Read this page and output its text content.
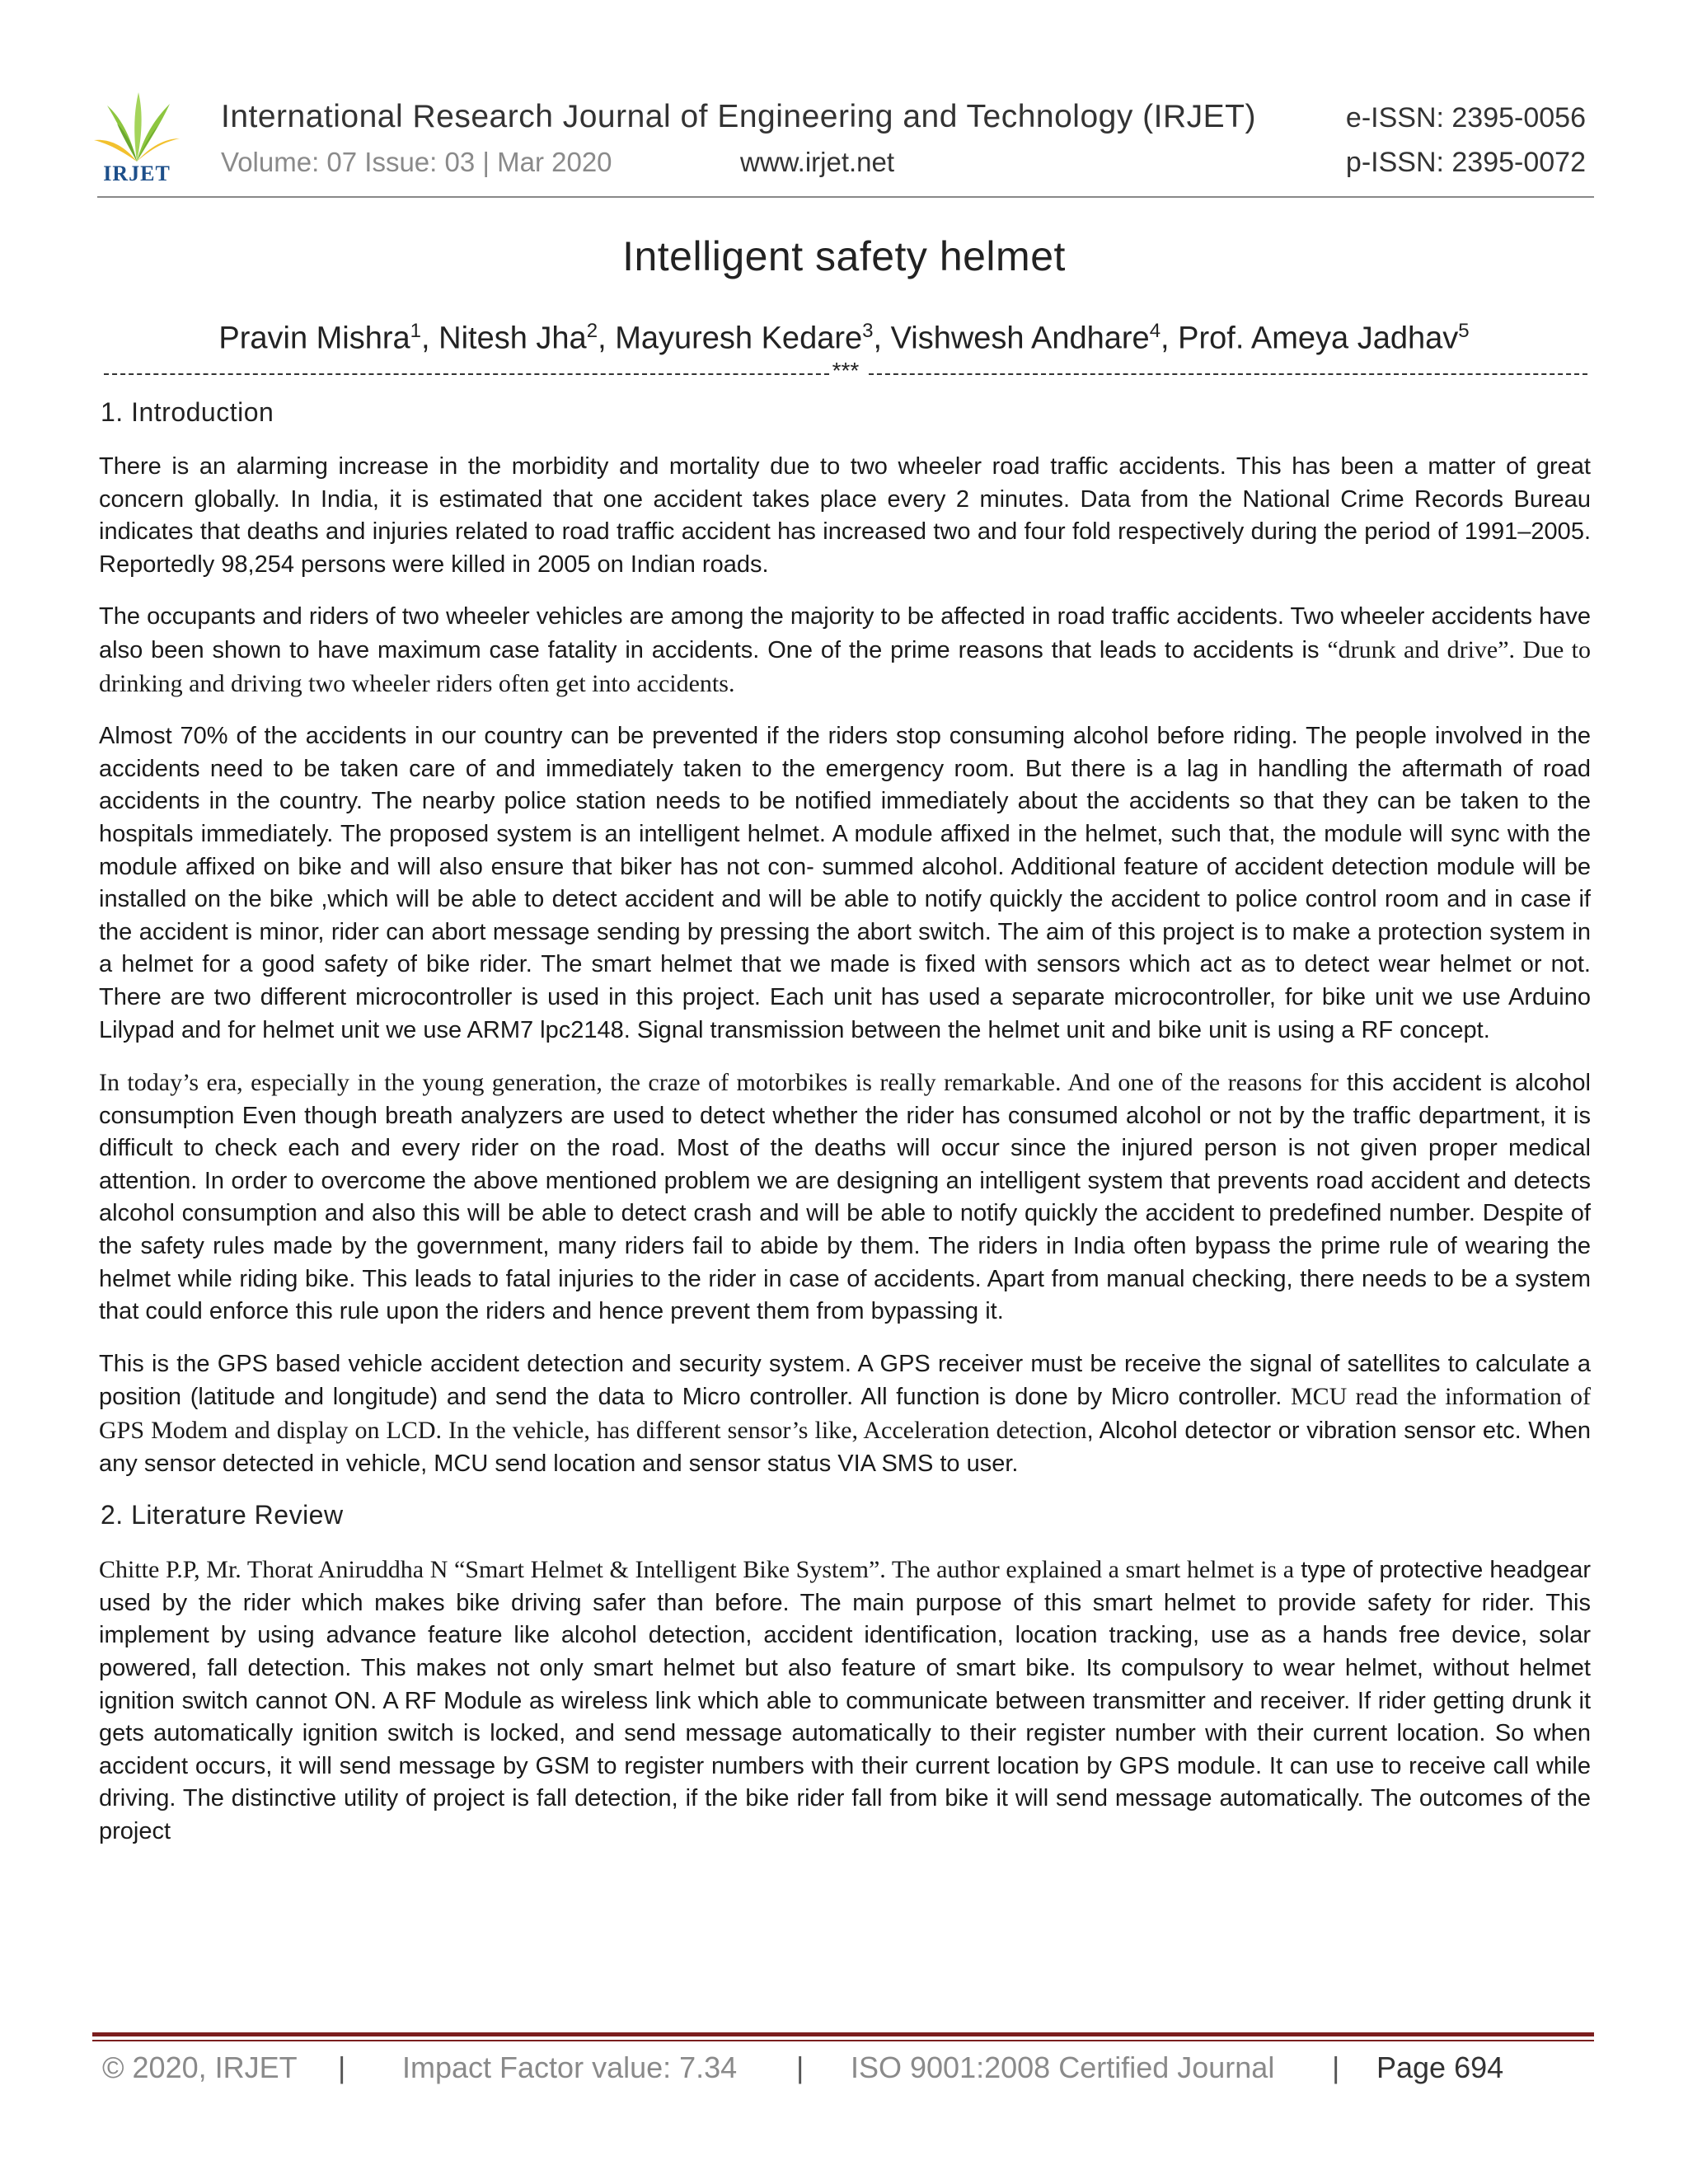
IRJET
International Research Journal of Engineering and Technology (IRJET)
Volume: 07 Issue: 03 | Mar 2020	www.irjet.net
e-ISSN: 2395-0056
p-ISSN: 2395-0072
Intelligent safety helmet
Pravin Mishra$^1$, Nitesh Jha$^2$, Mayuresh Kedare$^3$, Vishwesh Andhare$^4$, Prof. Ameya Jadhav$^5$
***
1. Introduction

There is an alarming increase in the morbidity and mortality due to two wheeler road traffic accidents. This has been a matter of great concern globally. In India, it is estimated that one accident takes place every 2 minutes. Data from the National Crime Records Bureau indicates that deaths and injuries related to road traffic accident has increased two and four fold respectively during the period of 1991–2005. Reportedly 98,254 persons were killed in 2005 on Indian roads.

The occupants and riders of two wheeler vehicles are among the majority to be affected in road traffic accidents. Two wheeler accidents have also been shown to have maximum case fatality in accidents. One of the prime reasons that leads to accidents is “drunk and drive”. Due to drinking and driving two wheeler riders often get into accidents.

Almost 70% of the accidents in our country can be prevented if the riders stop consuming alcohol before riding. The people involved in the accidents need to be taken care of and immediately taken to the emergency room. But there is a lag in handling the aftermath of road accidents in the country. The nearby police station needs to be notified immediately about the accidents so that they can be taken to the hospitals immediately. The proposed system is an intelligent helmet. A module affixed in the helmet, such that, the module will sync with the module affixed on bike and will also ensure that biker has not con- summed alcohol. Additional feature of accident detection module will be installed on the bike ,which will be able to detect accident and will be able to notify quickly the accident to police control room and in case if the accident is minor, rider can abort message sending by pressing the abort switch. The aim of this project is to make a protection system in a helmet for a good safety of bike rider. The smart helmet that we made is fixed with sensors which act as to detect wear helmet or not. There are two different microcontroller is used in this project. Each unit has used a separate microcontroller, for bike unit we use Arduino Lilypad and for helmet unit we use ARM7 lpc2148. Signal transmission between the helmet unit and bike unit is using a RF concept.

In today’s era, especially in the young generation, the craze of motorbikes is really remarkable. And one of the reasons for this accident is alcohol consumption Even though breath analyzers are used to detect whether the rider has consumed alcohol or not by the traffic department, it is difficult to check each and every rider on the road. Most of the deaths will occur since the injured person is not given proper medical attention. In order to overcome the above mentioned problem we are designing an intelligent system that prevents road accident and detects alcohol consumption and also this will be able to detect crash and will be able to notify quickly the accident to predefined number. Despite of the safety rules made by the government, many riders fail to abide by them. The riders in India often bypass the prime rule of wearing the helmet while riding bike. This leads to fatal injuries to the rider in case of accidents. Apart from manual checking, there needs to be a system that could enforce this rule upon the riders and hence prevent them from bypassing it.

This is the GPS based vehicle accident detection and security system. A GPS receiver must be receive the signal of satellites to calculate a position (latitude and longitude) and send the data to Micro controller. All function is done by Micro controller. MCU read the information of GPS Modem and display on LCD. In the vehicle, has different sensor’s like, Acceleration detection, Alcohol detector or vibration sensor etc. When any sensor detected in vehicle, MCU send location and sensor status VIA SMS to user.

2. Literature Review

Chitte P.P, Mr. Thorat Aniruddha N “Smart Helmet & Intelligent Bike System”. The author explained a smart helmet is a type of protective headgear used by the rider which makes bike driving safer than before. The main purpose of this smart helmet to provide safety for rider. This implement by using advance feature like alcohol detection, accident identification, location tracking, use as a hands free device, solar powered, fall detection. This makes not only smart helmet but also feature of smart bike. Its compulsory to wear helmet, without helmet ignition switch cannot ON. A RF Module as wireless link which able to communicate between transmitter and receiver. If rider getting drunk it gets automatically ignition switch is locked, and send message automatically to their register number with their current location. So when accident occurs, it will send message by GSM to register numbers with their current location by GPS module. It can use to receive call while driving. The distinctive utility of project is fall detection, if the bike rider fall from bike it will send message automatically. The outcomes of the project

© 2020, IRJET | Impact Factor value: 7.34 | ISO 9001:2008 Certified Journal | Page 694
